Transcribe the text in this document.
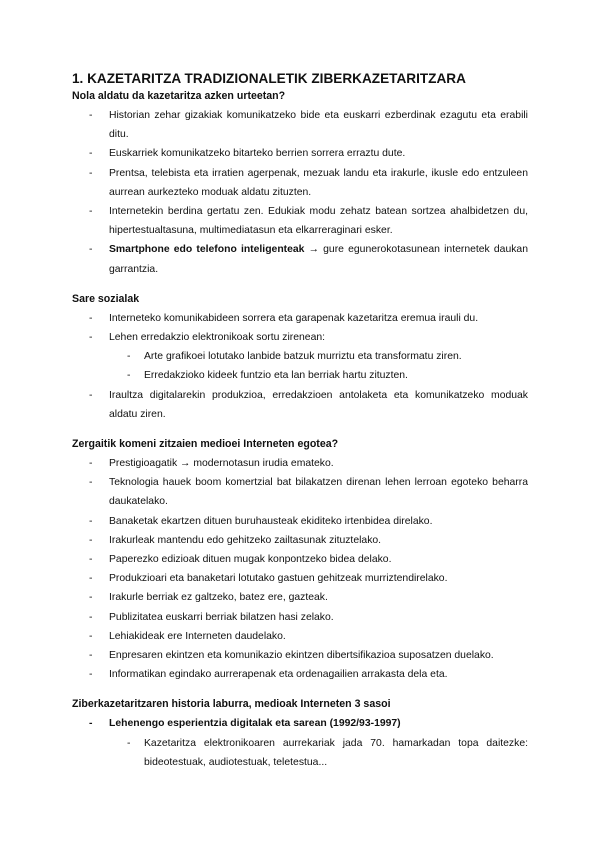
1. KAZETARITZA TRADIZIONALETIK ZIBERKAZETARITZARA
Nola aldatu da kazetaritza azken urteetan?
- Historian zehar gizakiak komunikatzeko bide eta euskarri ezberdinak ezagutu eta erabili ditu.
- Euskarriek komunikatzeko bitarteko berrien sorrera erraztu dute.
- Prentsa, telebista eta irratien agerpenak, mezuak landu eta irakurle, ikusle edo entzuleen aurrean aurkezteko moduak aldatu zituzten.
- Internetekin berdina gertatu zen. Edukiak modu zehatz batean sortzea ahalbidetzen du, hipertestualtasuna, multimediatasun eta elkarreraginari esker.
- Smartphone edo telefono inteligenteak → gure egunerokotasunean internetek daukan garrantzia.
Sare sozialak
- Interneteko komunikabideen sorrera eta garapenak kazetaritza eremua irauli du.
- Lehen erredakzio elektronikoak sortu zirenean:
- Arte grafikoei lotutako lanbide batzuk murriztu eta transformatu ziren.
- Erredakzioko kideek funtzio eta lan berriak hartu zituzten.
- Iraultza digitalarekin produkzioa, erredakzioen antolaketa eta komunikatzeko moduak aldatu ziren.
Zergaitik komeni zitzaien medioei Interneten egotea?
- Prestigioagatik → modernotasun irudia emateko.
- Teknologia hauek boom komertzial bat bilakatzen direnan lehen lerroan egoteko beharra daukatelako.
- Banaketak ekartzen dituen buruhausteak ekiditeko irtenbidea direlako.
- Irakurleak mantendu edo gehitzeko zailtasunak zituztelako.
- Paperezko edizioak dituen mugak konpontzeko bidea delako.
- Produkzioari eta banaketari lotutako gastuen gehitzeak murriztendirelako.
- Irakurle berriak ez galtzeko, batez ere, gazteak.
- Publizitatea euskarri berriak bilatzen hasi zelako.
- Lehiakideak ere Interneten daudelako.
- Enpresaren ekintzen eta komunikazio ekintzen dibertsifikazioa suposatzen duelako.
- Informatikan egindako aurrerapenak eta ordenagailien arrakasta dela eta.
Ziberkazetaritzaren historia laburra, medioak Interneten 3 sasoi
- Lehenengo esperientzia digitalak eta sarean (1992/93-1997)
- Kazetaritza elektronikoaren aurrekariak jada 70. hamarkadan topa daitezke: bideotestuak, audiotestuak, teletestua...
